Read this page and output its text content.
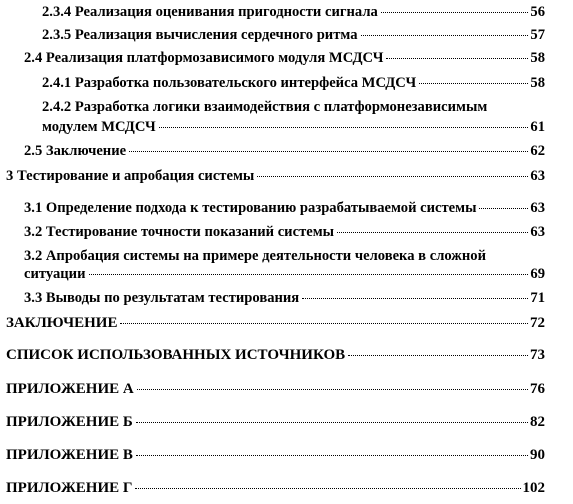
2.3.4 Реализация оценивания пригодности сигнала	56
2.3.5 Реализация вычисления сердечного ритма	57
2.4 Реализация платформозависимого модуля МСДСЧ	58
2.4.1 Разработка пользовательского интерфейса МСДСЧ	58
2.4.2 Разработка логики взаимодействия с платформонезависимым
модулем МСДСЧ	61
2.5 Заключение	62
3 Тестирование и апробация системы	63
3.1 Определение подхода к тестированию разрабатываемой системы	63
3.2 Тестирование точности показаний системы	63
3.2 Апробация системы на примере деятельности человека в сложной
ситуации	69
3.3 Выводы по результатам тестирования	71
ЗАКЛЮЧЕНИЕ	72
СПИСОК ИСПОЛЬЗОВАННЫХ ИСТОЧНИКОВ	73
ПРИЛОЖЕНИЕ А	76
ПРИЛОЖЕНИЕ Б	82
ПРИЛОЖЕНИЕ В	90
ПРИЛОЖЕНИЕ Г	102
